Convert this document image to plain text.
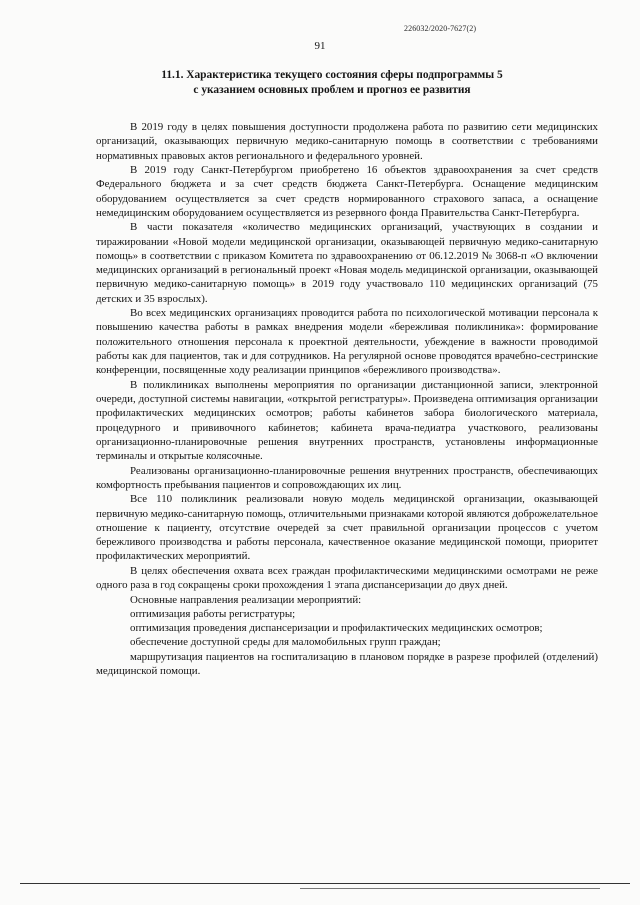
226032/2020-7627(2)
91
11.1. Характеристика текущего состояния сферы подпрограммы 5
с указанием основных проблем и прогноз ее развития

В 2019 году в целях повышения доступности продолжена работа по развитию сети медицинских организаций, оказывающих первичную медико-санитарную помощь в соответствии с требованиями нормативных правовых актов регионального и федерального уровней.

В 2019 году Санкт-Петербургом приобретено 16 объектов здравоохранения за счет средств Федерального бюджета и за счет средств бюджета Санкт-Петербурга. Оснащение медицинским оборудованием осуществляется за счет средств нормированного страхового запаса, а оснащение немедицинским оборудованием осуществляется из резервного фонда Правительства Санкт-Петербурга.

В части показателя «количество медицинских организаций, участвующих в создании и тиражировании «Новой модели медицинской организации, оказывающей первичную медико-санитарную помощь» в соответствии с приказом Комитета по здравоохранению от 06.12.2019 № 3068-п «О включении медицинских организаций в региональный проект «Новая модель медицинской организации, оказывающей первичную медико-санитарную помощь» в 2019 году участвовало 110 медицинских организаций (75 детских и 35 взрослых).

Во всех медицинских организациях проводится работа по психологической мотивации персонала к повышению качества работы в рамках внедрения модели «бережливая поликлиника»: формирование положительного отношения персонала к проектной деятельности, убеждение в важности проводимой работы как для пациентов, так и для сотрудников. На регулярной основе проводятся врачебно-сестринские конференции, посвященные ходу реализации принципов «бережливого производства».

В поликлиниках выполнены мероприятия по организации дистанционной записи, электронной очереди, доступной системы навигации, «открытой регистратуры». Произведена оптимизация организации профилактических медицинских осмотров; работы кабинетов забора биологического материала, процедурного и прививочного кабинетов; кабинета врача-педиатра участкового, реализованы организационно-планировочные решения внутренних пространств, установлены информационные терминалы и открытые колясочные.

Реализованы организационно-планировочные решения внутренних пространств, обеспечивающих комфортность пребывания пациентов и сопровождающих их лиц.

Все 110 поликлиник реализовали новую модель медицинской организации, оказывающей первичную медико-санитарную помощь, отличительными признаками которой являются доброжелательное отношение к пациенту, отсутствие очередей за счет правильной организации процессов с учетом бережливого производства и работы персонала, качественное оказание медицинской помощи, приоритет профилактических мероприятий.

В целях обеспечения охвата всех граждан профилактическими медицинскими осмотрами не реже одного раза в год сокращены сроки прохождения 1 этапа диспансеризации до двух дней.

Основные направления реализации мероприятий:

оптимизация работы регистратуры;

оптимизация проведения диспансеризации и профилактических медицинских осмотров;

обеспечение доступной среды для маломобильных групп граждан;

маршрутизация пациентов на госпитализацию в плановом порядке в разрезе профилей (отделений) медицинской помощи.
